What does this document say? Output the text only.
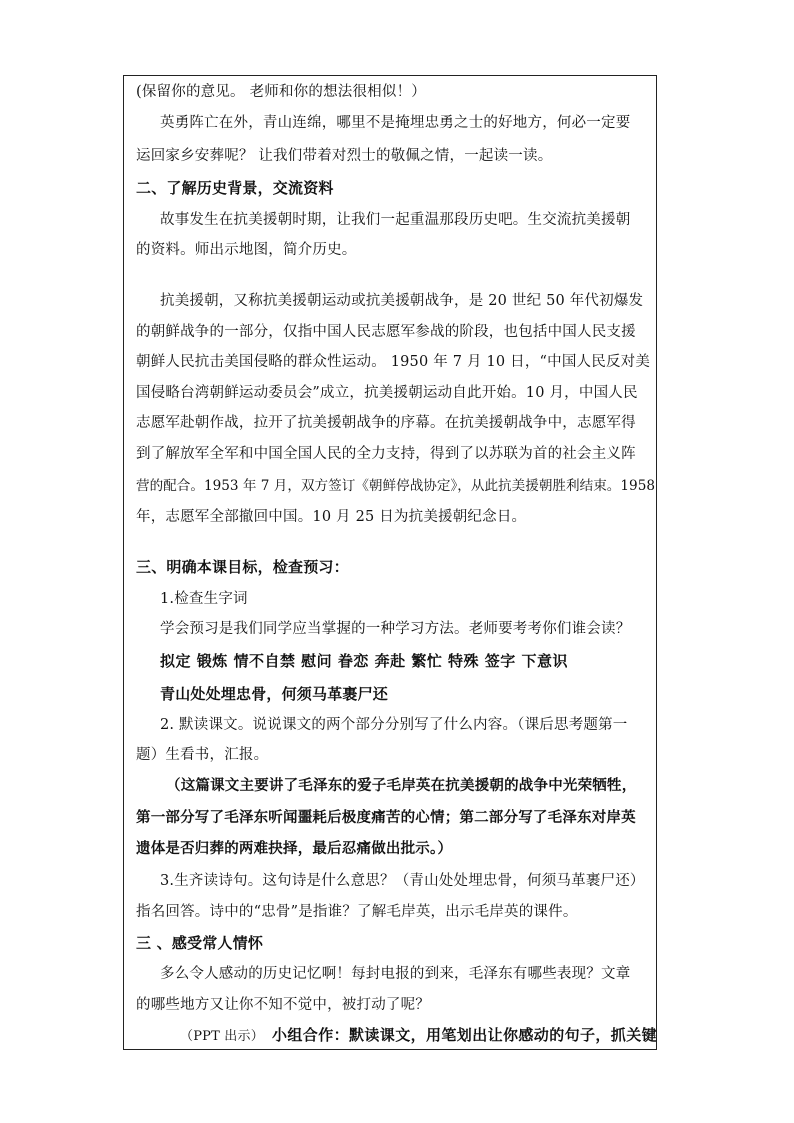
(保留你的意见。 老师和你的想法很相似！）
英勇阵亡在外，青山连绵，哪里不是掩埋忠勇之士的好地方，何必一定要
运回家乡安葬呢？ 让我们带着对烈士的敬佩之情，一起读一读。
二、了解历史背景，交流资料
故事发生在抗美援朝时期，让我们一起重温那段历史吧。生交流抗美援朝
的资料。师出示地图，简介历史。
抗美援朝，又称抗美援朝运动或抗美援朝战争，是 20 世纪 50 年代初爆发
的朝鲜战争的一部分，仅指中国人民志愿军参战的阶段，也包括中国人民支援
朝鲜人民抗击美国侵略的群众性运动。 1950 年 7 月 10 日，“中国人民反对美
国侵略台湾朝鲜运动委员会”成立，抗美援朝运动自此开始。10 月，中国人民
志愿军赴朝作战，拉开了抗美援朝战争的序幕。在抗美援朝战争中，志愿军得
到了解放军全军和中国全国人民的全力支持，得到了以苏联为首的社会主义阵
营的配合。1953 年 7 月，双方签订《朝鲜停战协定》，从此抗美援朝胜利结束。1958
年，志愿军全部撤回中国。10 月 25 日为抗美援朝纪念日。
三、明确本课目标，检查预习：
1.检查生字词
学会预习是我们同学应当掌握的一种学习方法。老师要考考你们谁会读？
拟定 锻炼 情不自禁 慰问 眷恋 奔赴 繁忙 特殊 签字 下意识
青山处处埋忠骨，何须马革裹尸还
2. 默读课文。说说课文的两个部分分别写了什么内容。（课后思考题第一
题）生看书，汇报。
（这篇课文主要讲了毛泽东的爱子毛岸英在抗美援朝的战争中光荣牺牲，
第一部分写了毛泽东听闻噩耗后极度痛苦的心情；第二部分写了毛泽东对岸英
遗体是否归葬的两难抉择，最后忍痛做出批示。）
3.生齐读诗句。这句诗是什么意思？（青山处处埋忠骨，何须马革裹尸还）
指名回答。诗中的“忠骨”是指谁？了解毛岸英，出示毛岸英的课件。
三 、感受常人情怀
多么令人感动的历史记忆啊！每封电报的到来，毛泽东有哪些表现？文章
的哪些地方又让你不知不觉中，被打动了呢？
（PPT 出示） 小组合作：默读课文，用笔划出让你感动的句子，抓关键
